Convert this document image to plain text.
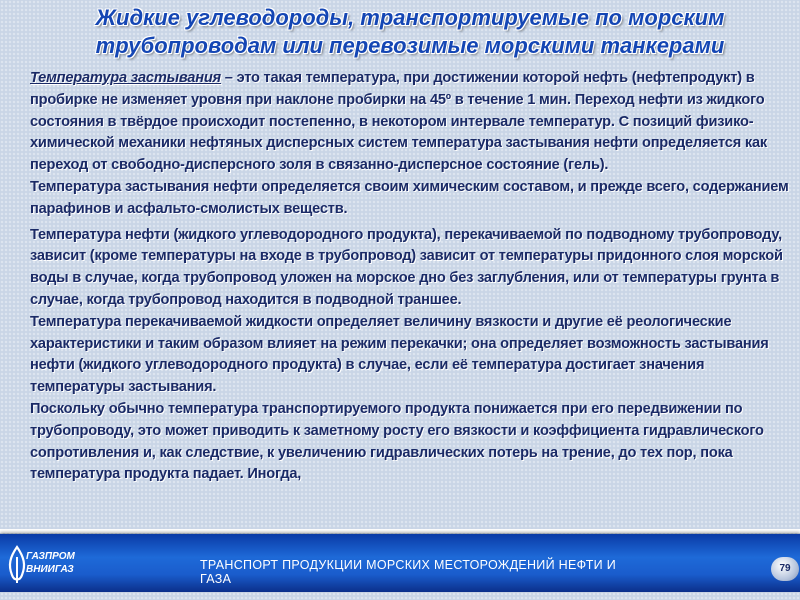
Жидкие углеводороды, транспортируемые по морским
трубопроводам или перевозимые морскими танкерами

Температура застывания – это такая температура, при достижении которой нефть (нефтепродукт) в пробирке не изменяет уровня при наклоне пробирки на 45º в течение 1 мин. Переход нефти из жидкого состояния в твёрдое происходит постепенно, в некотором интервале температур. С позиций физико-химической механики нефтяных дисперсных систем температура застывания нефти определяется как переход от свободно-дисперсного золя в связанно-дисперсное состояние (гель).

Температура застывания нефти определяется своим химическим составом, и прежде всего, содержанием парафинов и асфальто-смолистых веществ.

Температура нефти (жидкого углеводородного продукта), перекачиваемой по подводному трубопроводу, зависит (кроме температуры на входе в трубопровод) зависит от температуры придонного слоя морской воды в случае, когда трубопровод уложен на морское дно без заглубления, или от температуры грунта в случае, когда трубопровод находится в подводной траншее.

Температура перекачиваемой жидкости определяет величину вязкости и другие её реологические характеристики и таким образом влияет на режим перекачки; она определяет возможность застывания нефти (жидкого углеводородного продукта) в случае, если её температура достигает значения температуры застывания.

Поскольку обычно температура транспортируемого продукта понижается при его передвижении по трубопроводу, это может приводить к заметному росту его вязкости и коэффициента гидравлического сопротивления и, как следствие, к увеличению гидравлических потерь на трение, до тех пор, пока температура продукта падает. Иногда,

ГАЗПРОМ
ВНИИГАЗ	ТРАНСПОРТ ПРОДУКЦИИ МОРСКИХ МЕСТОРОЖДЕНИЙ НЕФТИ И ГАЗА
79
